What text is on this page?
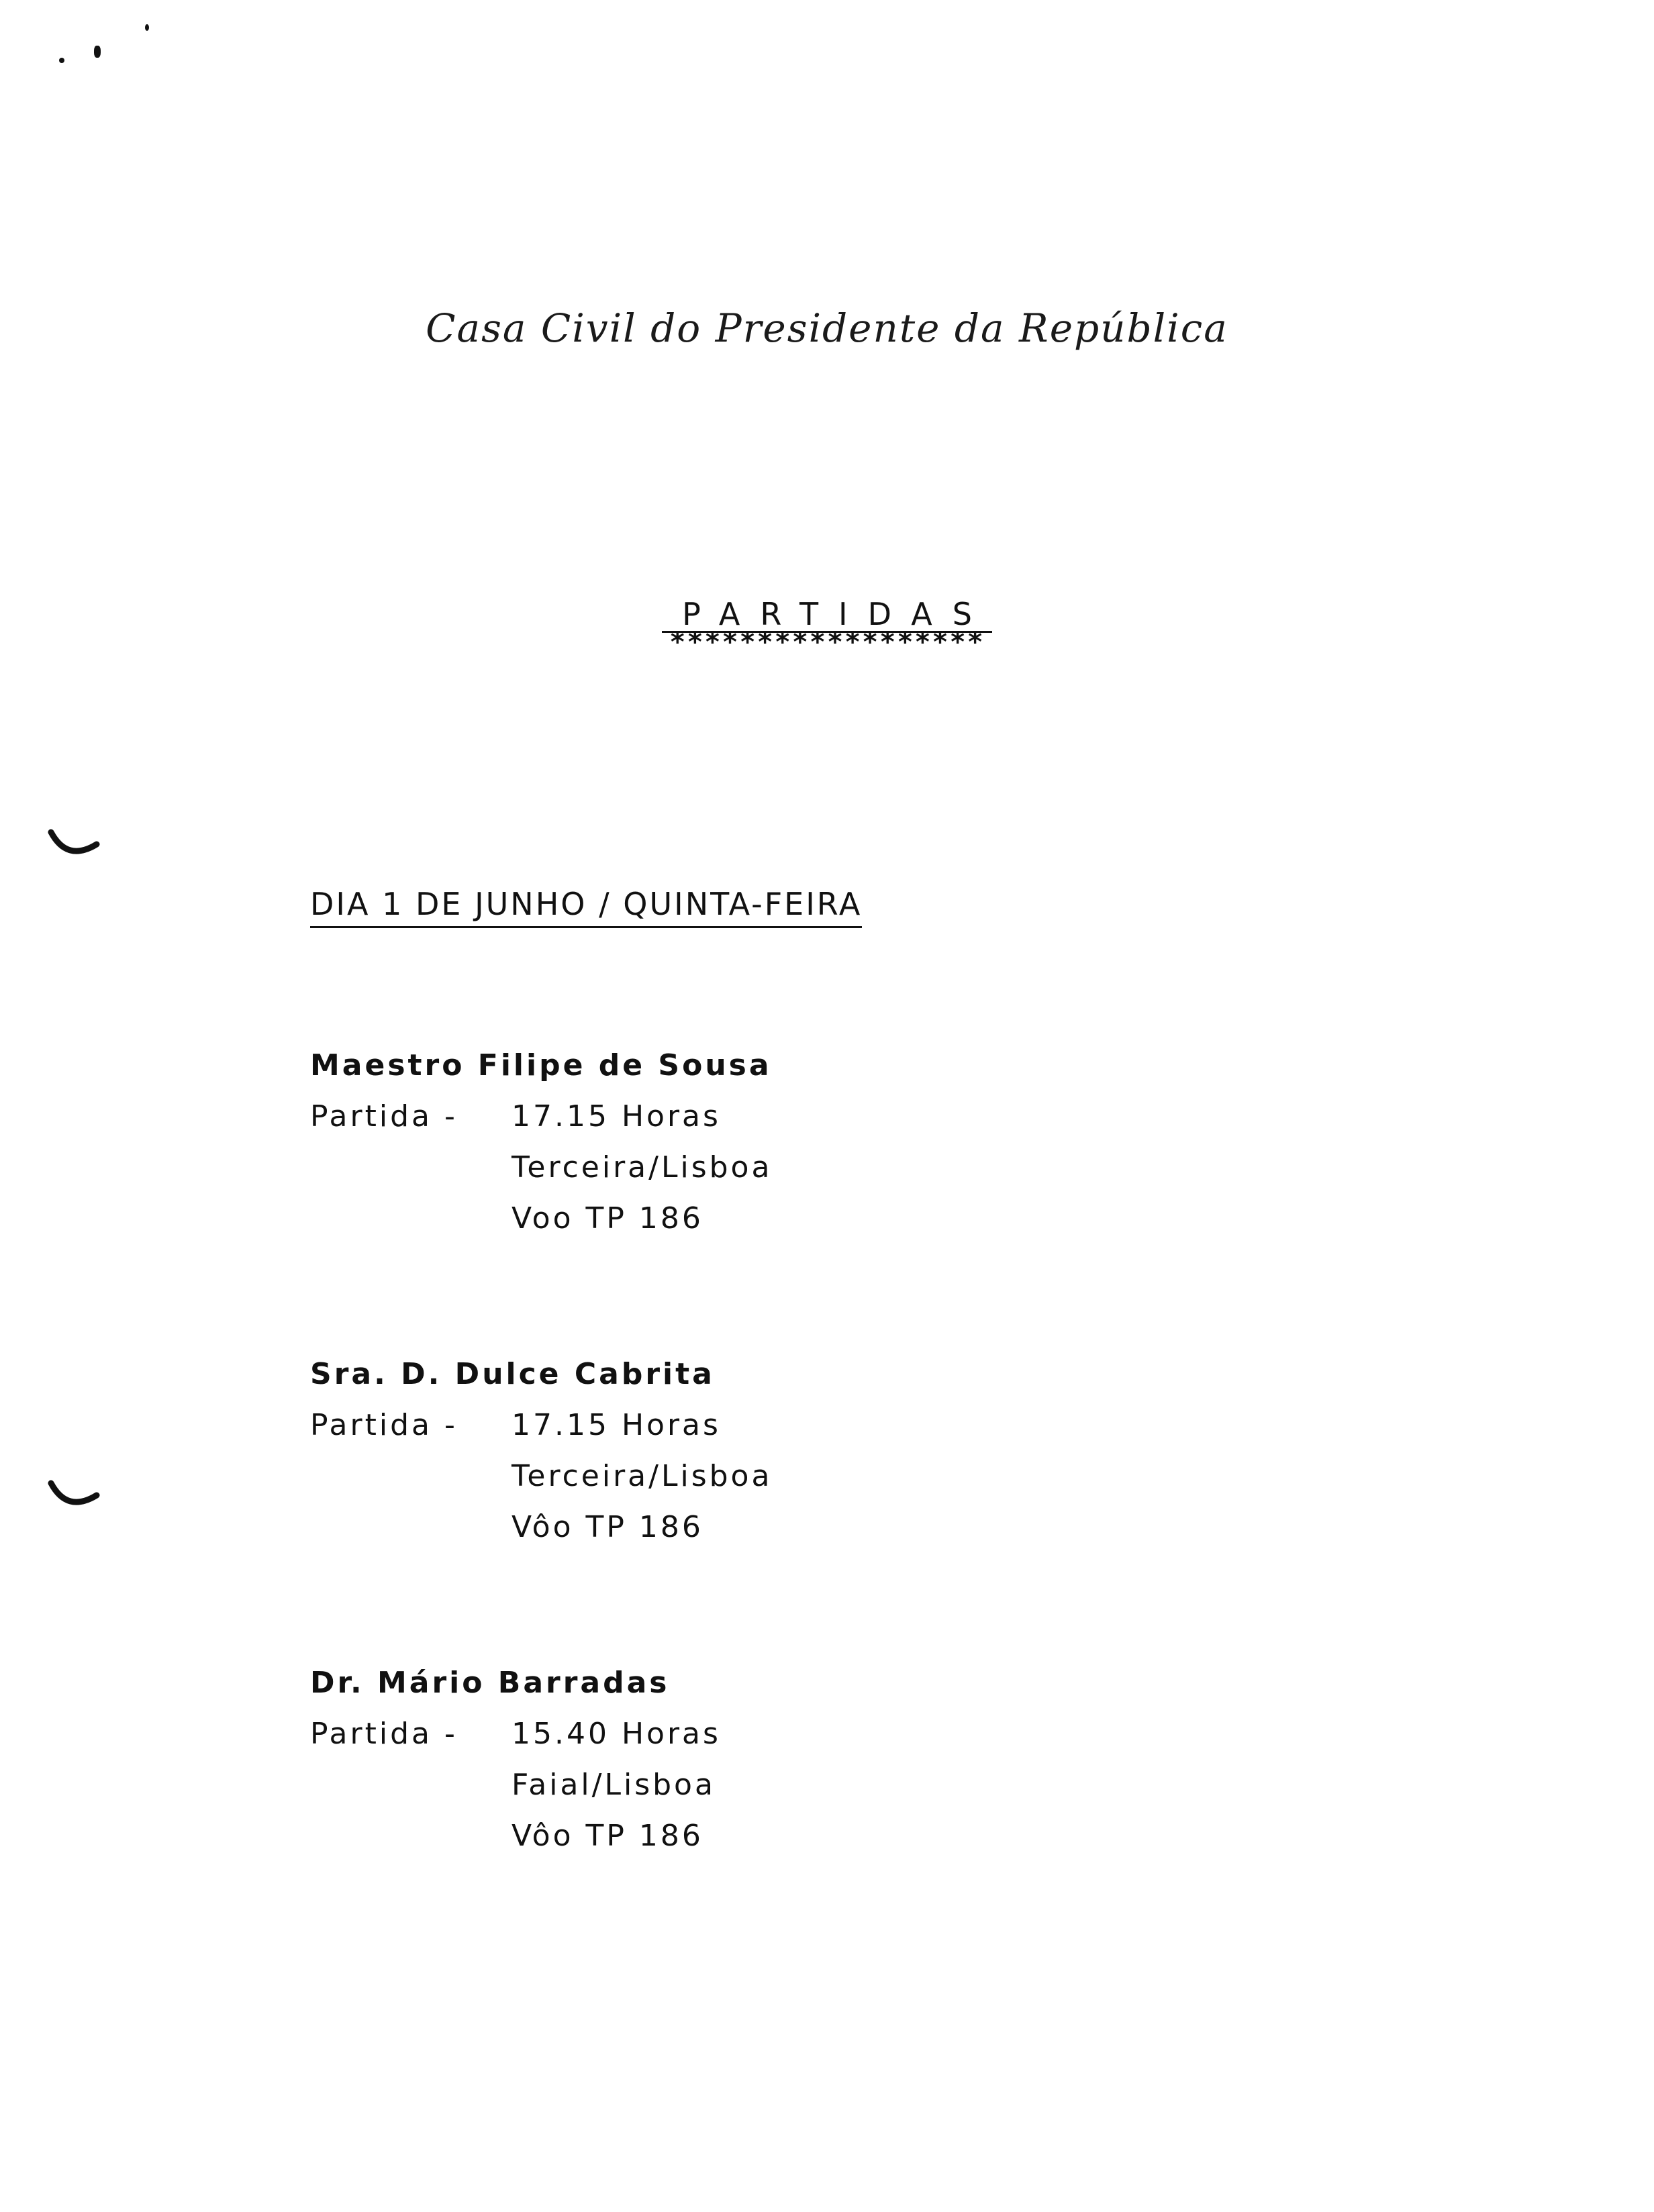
Casa Civil do Presidente da República
PARTIDAS
******************
DIA 1 DE JUNHO / QUINTA-FEIRA
Maestro Filipe de Sousa
Partida - 17.15 Horas
Terceira/Lisboa
Voo TP 186
Sra. D. Dulce Cabrita
Partida - 17.15 Horas
Terceira/Lisboa
Vôo TP 186
Dr. Mário Barradas
Partida - 15.40 Horas
Faial/Lisboa
Vôo TP 186
